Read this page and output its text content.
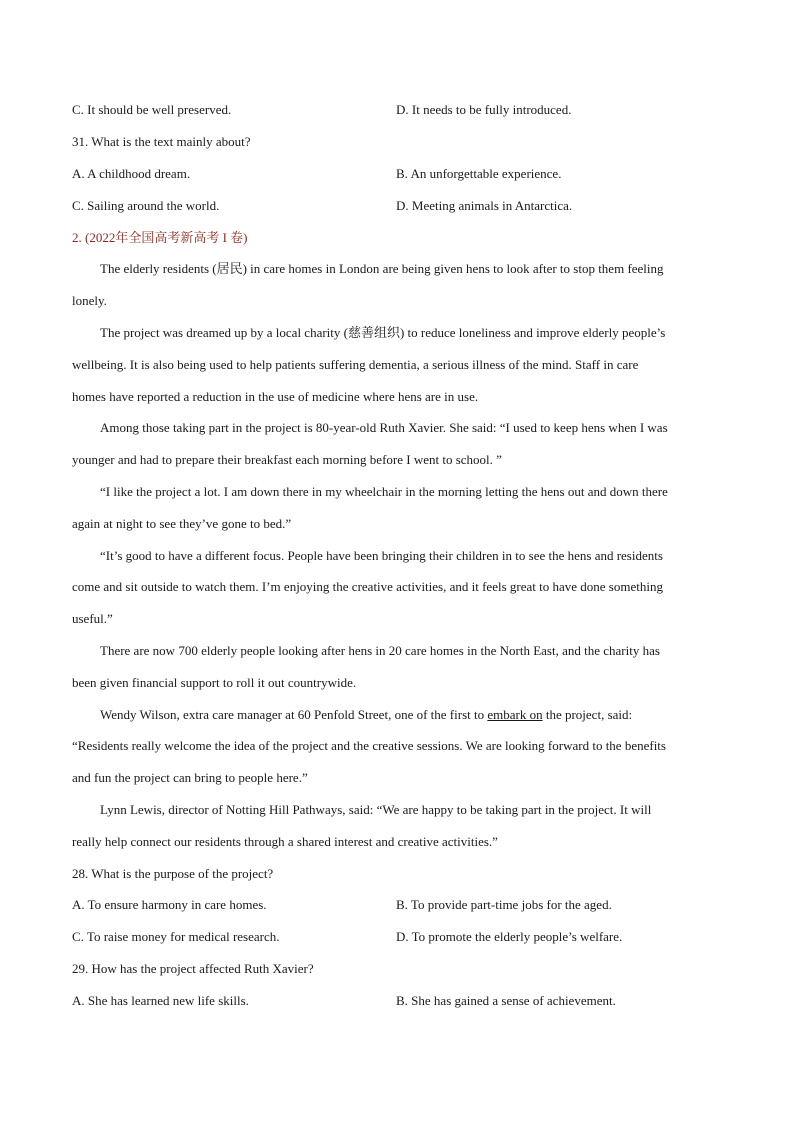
C. It should be well preserved.	D. It needs to be fully introduced.
31. What is the text mainly about?
A. A childhood dream.	B. An unforgettable experience.
C. Sailing around the world.	D. Meeting animals in Antarctica.
2. (2022年全国高考新高考 I 卷)
The elderly residents (居民) in care homes in London are being given hens to look after to stop them feeling
lonely.
The project was dreamed up by a local charity (慈善组织) to reduce loneliness and improve elderly people’s
wellbeing. It is also being used to help patients suffering dementia, a serious illness of the mind. Staff in care
homes have reported a reduction in the use of medicine where hens are in use.
Among those taking part in the project is 80-year-old Ruth Xavier. She said: “I used to keep hens when I was
younger and had to prepare their breakfast each morning before I went to school. ”
“I like the project a lot. I am down there in my wheelchair in the morning letting the hens out and down there
again at night to see they’ve gone to bed.”
“It’s good to have a different focus. People have been bringing their children in to see the hens and residents
come and sit outside to watch them. I’m enjoying the creative activities, and it feels great to have done something
useful.”
There are now 700 elderly people looking after hens in 20 care homes in the North East, and the charity has
been given financial support to roll it out countrywide.
Wendy Wilson, extra care manager at 60 Penfold Street, one of the first to embark on the project, said:
“Residents really welcome the idea of the project and the creative sessions. We are looking forward to the benefits
and fun the project can bring to people here.”
Lynn Lewis, director of Notting Hill Pathways, said: “We are happy to be taking part in the project. It will
really help connect our residents through a shared interest and creative activities.”
28. What is the purpose of the project?
A. To ensure harmony in care homes.	B. To provide part-time jobs for the aged.
C. To raise money for medical research.	D. To promote the elderly people’s welfare.
29. How has the project affected Ruth Xavier?
A. She has learned new life skills.	B. She has gained a sense of achievement.
